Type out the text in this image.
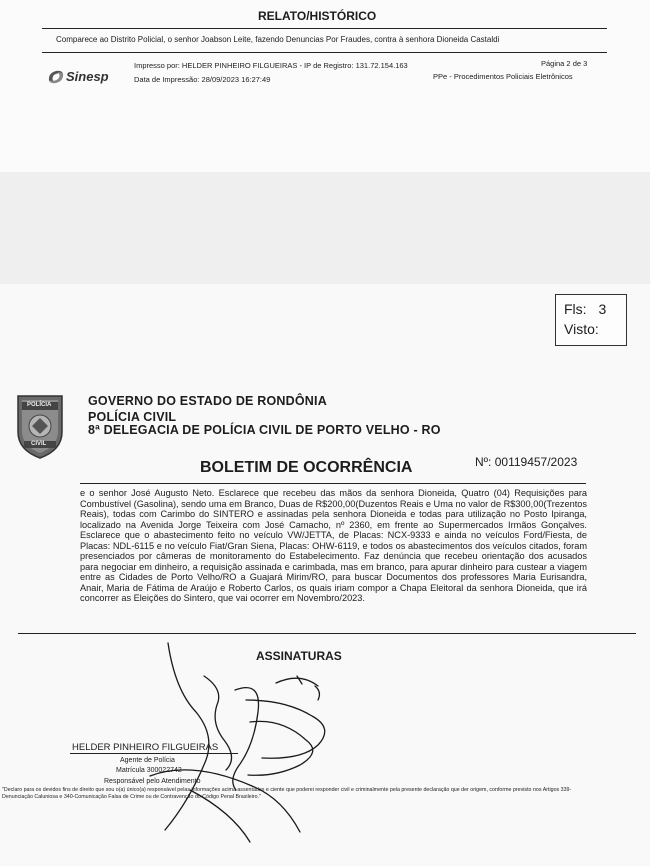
RELATO/HISTÓRICO
Comparece ao Distrito Policial, o senhor Joabson Leite, fazendo Denuncias Por Fraudes, contra à senhora Dioneida Castaldi
Sinesp
Impresso por: HELDER PINHEIRO FILGUEIRAS - IP de Registro: 131.72.154.163
Data de Impressão: 28/09/2023 16:27:49
Página 2 de 3
PPe - Procedimentos Policiais Eletrônicos
Fls: 3
Visto:
POLÍCIA
CIVIL
GOVERNO DO ESTADO DE RONDÔNIA
POLÍCIA CIVIL
8ª DELEGACIA DE POLÍCIA CIVIL DE PORTO VELHO - RO
BOLETIM DE OCORRÊNCIA	Nº: 00119457/2023
e o senhor José Augusto Neto. Esclarece que recebeu das mãos da senhora Dioneida, Quatro (04) Requisições para Combustível (Gasolina), sendo uma em Branco, Duas de R$200,00(Duzentos Reais e Uma no valor de R$300,00(Trezentos Reais), todas com Carimbo do SINTERO e assinadas pela senhora Dioneida e todas para utilização no Posto Ipiranga, localizado na Avenida Jorge Teixeira com José Camacho, nº 2360, em frente ao Supermercados Irmãos Gonçalves. Esclarece que o abastecimento feito no veículo VW/JETTA, de Placas: NCX-9333 e ainda no veículos Ford/Fiesta, de Placas: NDL-6115 e no veículo Fiat/Gran Siena, Placas: OHW-6119, e todos os abastecimentos dos veículos citados, foram presenciados por câmeras de monitoramento do Estabelecimento. Faz denúncia que recebeu orientação dos acusados para negociar em dinheiro, a requisição assinada e carimbada, mas em branco, para apurar dinheiro para custear a viagem entre as Cidades de Porto Velho/RO a Guajará Mirim/RO, para buscar Documentos dos professores Maria Eurisandra, Anair, Maria de Fátima de Araújo e Roberto Carlos, os quais iriam compor a Chapa Eleitoral da senhora Dioneida, que irá concorrer as Eleições do Sintero, que vai ocorrer em Novembro/2023.
ASSINATURAS
HELDER PINHEIRO FILGUEIRAS
Agente de Polícia
Matrícula 300022742
Responsável pelo Atendimento
"Declaro para os devidos fins de direito que sou o(a) único(a) responsável pelas informações acima assentadas e ciente que poderei responder civil e criminalmente pela presente declaração que der origem, conforme previsto nos Artigos 339-Denunciação Caluniosa e 340-Comunicação Falsa de Crime ou de Contravenção do Código Penal Brasileiro."
